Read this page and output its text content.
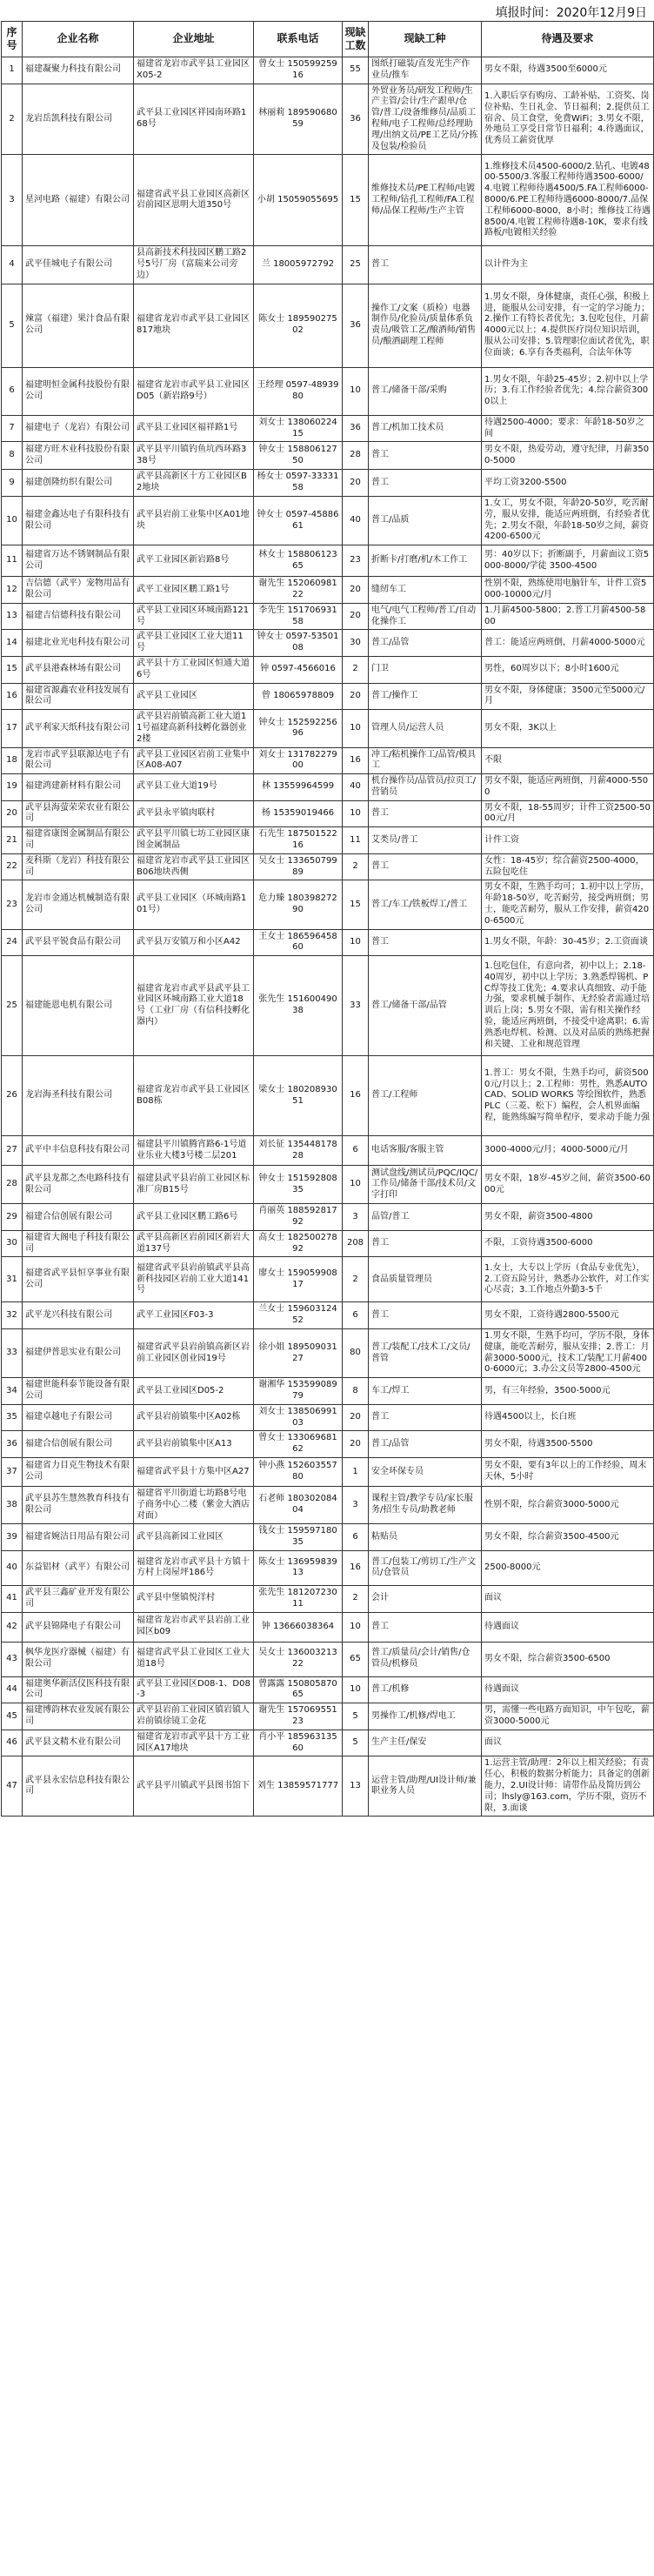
填报时间：2020年12月9日
序号	企业名称	企业地址	联系电话	现缺工数	现缺工种	待遇及要求
1	福建凝聚力科技有限公司	福建省龙岩市武平县工业园区X05-2	曾女士 15059925916	55	图纸打磁装/直发光生产作业员/推车	男女不限，待遇3500至6000元
2	龙岩岳凯科技有限公司	武平县工业园区祥园南环路168号	林丽莉 18959068059	36	外贸业务员/研发工程师/生产主管/会计/生产跟单/仓管/普工/设备维修员/品质工程师/电子工程师/总经理助理/出纳文员/PE工艺员/分拣及包装/检验员	1.入职后享有购房、工龄补贴、工资奖、岗位补贴、生日礼金、节日福利；2.提供员工宿舍、员工食堂，免费WiFi；3.男女不限，外地员工享受日常节日福利；4.待遇面议，优秀员工薪资优厚
3	星河电路（福建）有限公司	福建省武平县工业园区高新区岩前园区思明大道350号	小胡 15059055695	15	维修技术员/PE工程师/电镀工程师/钻孔工程师/FA工程师/品保工程师/生产主管	1.维修技术员4500-6000/2.钻孔、电镀4800-5500/3.客服工程师待遇3500-6000/4.电镀工程师待遇4500/5.FA工程师6000-8000/6.PE工程师待遇6000-8000/7.品保工程师6000-8000，8小时；维修技工待遇8500/4.电镀工程师待遇8-10K，要求有线路板/电镀相关经验
4	武平佳城电子有限公司	县高新技术科技园区鹏工路2号5号厂房（富瑞来公司旁边）	兰 18005972792	25	普工	以计件为主
5	辣富（福建）果汁食品有限公司	福建省龙岩市武平县工业园区817地块	陈女士 18959027502	36	操作工/文案（质检）电器制作员/化验员/质量体系负责员/吸管工艺/酿酒师/销售员/酿酒副理工程师	1.男女不限，身体健康，责任心强，积极上进，能服从公司安排，有一定的学习能力；2.操作工有特长者优先；3.包吃包住，月薪4000元以上；4.提供医疗岗位知识培训，服从公司安排；5.管理职位面试者优先，职位面谈；6.享有各类福利，合法年休等
6	福建明恒金属科技股份有限公司	福建省龙岩市武平县工业园区D05（新岩路9号）	王经理 0597-4893980	10	普工/储备干部/采购	1.男女不限，年龄25-45岁；2.初中以上学历；3.有工作经验者优先；4.综合薪资3000以上
7	福建电子（龙岩）有限公司	武平县工业园区福祥路1号	刘女士 13806022415	36	普工/机加工技术员	待遇2500-4000；要求：年龄18-50岁之间
8	福建方旺木业科技股份有限公司	武平县平川镇钓鱼坑西环路338号	钟女士 15880612750	28	普工	男女不限，热爱劳动，遵守纪律，月薪3500-5000
9	福建创隆纺织有限公司	武平县高新区十方工业园区B2地块	杨女士 0597-3333158	20	普工	平均工资3200-5500
10	福建金鑫达电子有限科技有限公司	武平县岩前工业集中区A01地块	钟女士 0597-4588661	40	普工/品质	1.女工，男女不限，年龄20-50岁，吃苦耐劳，服从安排，能适应两班倒，有经验者优先；2.男女不限，年龄18-50岁之间，薪资4200-6500元
11	福建省万达不锈钢制品有限公司	武平工业园区新岩路8号	林女士 15880612365	23	折断卡/打磨/机/木工作工	男：40岁以下；折断副手，月薪面议工资5000-8000/学徒 3500-4500
12	吉信德（武平）宠物用品有限公司	武平工业园区鹏工路1号	谢先生 15206098122	20	缝纫车工	性别不限，熟练使用电脑针车，计件工资5000-10000元/月
13	福建吉信德科技有限公司	武平县工业园区环城南路121号	李先生 15170693158	20	电气/电气工程师/普工/自动化操作工	1.月薪4500-5800；2.普工月薪4500-5800
14	福建北业光电科技有限公司	武平县工业园区工业大道11号	钟女士 0597-5350108	30	普工/品管	普工：能适应两班倒，月薪4000-5000元
15	武平县港森林场有限公司	武平县十方工业园区恒通大道6号	钟 0597-4566016	2	门卫	男性，60周岁以下；8小时1600元
16	福建省源鑫农业科技发展有限公司	武平县工业园区	曾 18065978809	20	普工/操作工	男女不限，身体健康；3500元至5000元/月
17	武平利家天纸科技有限公司	武平县岩前镇高新工业大道11号福建高新科技孵化器创业2楼	钟女士 15259225696	10	管理人员/运营人员	男女不限，3K以上
18	龙岩市武平县联源达电子有限公司	武平县工业园区岩前工业集中区A08-A07	刘女士 13178227900	16	冲工/粘机操作工/品管/模具工	不限
19	福建鸿建新材料有限公司	武平县工业大道19号	林 13559964599	40	机台操作员/品管员/拉页工/营销员	男女不限，能适应两班倒，月薪4000-5500
20	武平县海萤荣荣农业有限公司	武平县永平镇肉联村	杨 15359019466	10	普工	男女不限，18-55周岁；计件工资2500-5000元/月
21	福建省康图金属制品有限公司	武平县平川镇七坊工业园区康图金属制品	石先生 18750152216	11	艾类员/普工	计件工资
22	麦科斯（龙岩）科技有限公司	福建省龙岩市武平县工业园区B06地块西侧	吴女士 13365079989	2	普工	女性：18-45岁；综合薪资2500-4000，五险包吃住
23	龙岩市金通达机械制造有限公司	武平县工业园区（环城南路101号）	危力臻 18039827290	15	普工/车工/铁板焊工/普工	男女不限，生熟手均可；1.初中以上学历，年龄18-50岁，吃苦耐劳，接受两班倒；男士，能吃苦耐劳，服从工作安排，薪资4200-6500元
24	武平县平锐食品有限公司	武平县万安镇万和小区A42	王女士 18659645860	10	普工	1.男女不限，年龄：30-45岁；2.工资面谈
25	福建能恩电机有限公司	福建省龙岩市武平县武平县工业园区环城南路工业大道18号（工业厂房（有信科技孵化器内）	张先生 15160049038	33	普工/储备干部/品管	1.包吃包住，有意向者，初中以上；2.18-40周岁，初中以上学历；3.熟悉焊锡机、PC焊等技工优先；4.要求认真细致、动手能力强，要求机械手制作、无经验者需通过培训后上岗；5.男女不限，需有相关操作经验，能适应两班倒，不接受中途离职；6.需熟悉电焊机、检测、以及对品质的熟练把握和关键、工业和规范管理
26	龙岩海圣科技有限公司	福建省龙岩市武平县工业园区B08栋	梁女士 18020893051	16	普工/工程师	1.普工：男女不限，生熟手均可，薪资5000元/月以上；2.工程师：男性，熟悉AUTO CAD、SOLID WORKS 等绘图软件，熟悉PLC（三菱、松下）编程，会人机界面编程，能熟练编写简单程序，要求动手能力强
27	武平中丰信息科技有限公司	福建县平川镇腾宵路6-1号道业乐业大楼3号楼二层201	刘长征 13544817828	6	电话客服/客服主管	3000-4000元/月；4000-5000元/月
28	武平县龙都之杰电路科技有限公司	福建县武平县岩前工业园区标准厂房B15号	钟女士 15159280835	10	测试盘线/测试员/PQC/IQC/工作员/储备干部/技术员/文字打印	男女不限，18岁-45岁之间，薪资3500-6000元
29	福建合信创展有限公司	武平县工业园区鹏工路6号	肖丽英 18859281792	3	品管/普工	男女不限，薪资3500-4800
30	福建省大阁电子科技有限公司	武平县高新区岩前园区新岩大道137号	高女士 18250027892	208	普工	不限，工资待遇3500-6000
31	福建省武平县恒享事业有限公司	福建省武平县岩前镇武平县高新科技园区岩前工业大道141号	廖女士 15905990817	2	食品质量管理员	1.女士，大专以上学历（食品专业优先），2.工资五险另计，熟悉办公软件，对工作实心尽责；3.工作地点外勤3-5千
32	武平龙兴科技有限公司	武平工业园区F03-3	兰女士 15960312452	6	普工	男女不限，工资待遇2800-5500元
33	福建伊普思实业有限公司	福建省武平县岩前镇高新区岩前工业园区创业园19号	徐小姐 18950903127	80	普工/装配工/技术工/文员/普管	1.男女不限，生熟手均可，学历不限，身体健康，能吃苦耐劳，服从安排；2.普工：月薪3000-5000元，技术工/装配工月薪4000-6000元；3.办公文员等2800-4500元
34	福建世能科泰节能设备有限公司	武平县工业园区D05-2	谢湘华 15359908979	8	车工/焊工	男，有三年经验，3500-5000元
35	福建卓越电子有限公司	武平县岩前镇集中区A02栋	刘女士 13850699103	20	普工	待遇4500以上，长白班
36	福建合信创展有限公司	武平县岩前镇集中区A13	曾女士 13306968162	20	普工/品管	男女不限，待遇3500-5500
37	福建省力目克生物技术有限公司	福建省武平县十方集中区A27	钟小燕 15260355780	1	安全环保专员	男女不限，要有3年以上的工作经验，周末天休，5小时
38	武平县苏生慧然教育科技有限公司	福建省平川街道七坊路8号电子商务中心二楼（紫金大酒店对面）	石老师 18030208404	3	课程主管/教学专员/家长服务/招生专员/助教老师	性别不限，综合薪资3000-5000元
39	福建省婉洁日用品有限公司	武平县高新园工业园区	钱女士 15959718035	6	粘贴员	男女不限，综合薪资3500-4500元
40	东益铝材（武平）有限公司	福建省龙岩市武平县十方镇十方村上岗屋坪186号	陈女士 13695983913	16	普工/包装工/剪切工/生产文员/仓管员	2500-8000元
41	武平县三鑫矿业开发有限公司	武平县中堡镇悦洋村	张先生 18120723011	2	会计	面议
42	武平县锦隆电子有限公司	福建省龙岩市武平县岩前工业园区b09	钟 13666038364	10	普工	待遇面议
43	枫华龙医疗器械（福建）有限公司	福建省武平县工业园区工业大道18号	吴女士 13600321322	65	普工/质量员/会计/销售/仓管员/机修员	男女不限，综合薪资3500-6500
44	福建奥华新活仪医科技有限公司	武平县工业园区D08-1、D08-3	曾露露 15080587065	10	普工/机修	待遇面议
45	福建博韵林农业发展有限公司	武平县岩前工业园区镇岩镇人岩前镇徐镜工金花	谢先生 15706955123	5	男操作工/机修/焊电工	男，需懂一些电路方面知识，中午包吃，薪资3000-5000元
46	武平县文精木业有限公司	福建省龙岩市武平县十方工业园区A17地块	肖小平 18596313560	5	生产主任/保安	面议
47	武平县永宏信息科技有限公司	武平县平川镇武平县图书馆下	刘生 13859571777	13	运营主管/助理/UI设计师/兼职业务人员	1.运营主管/助理：2年以上相关经验；有责任心，积极的数据分析能力；具备定的创新能力，2.UI设计师：请带作品及简历到公司；lhsly@163.com，学历不限，资历不限，3.面谈
